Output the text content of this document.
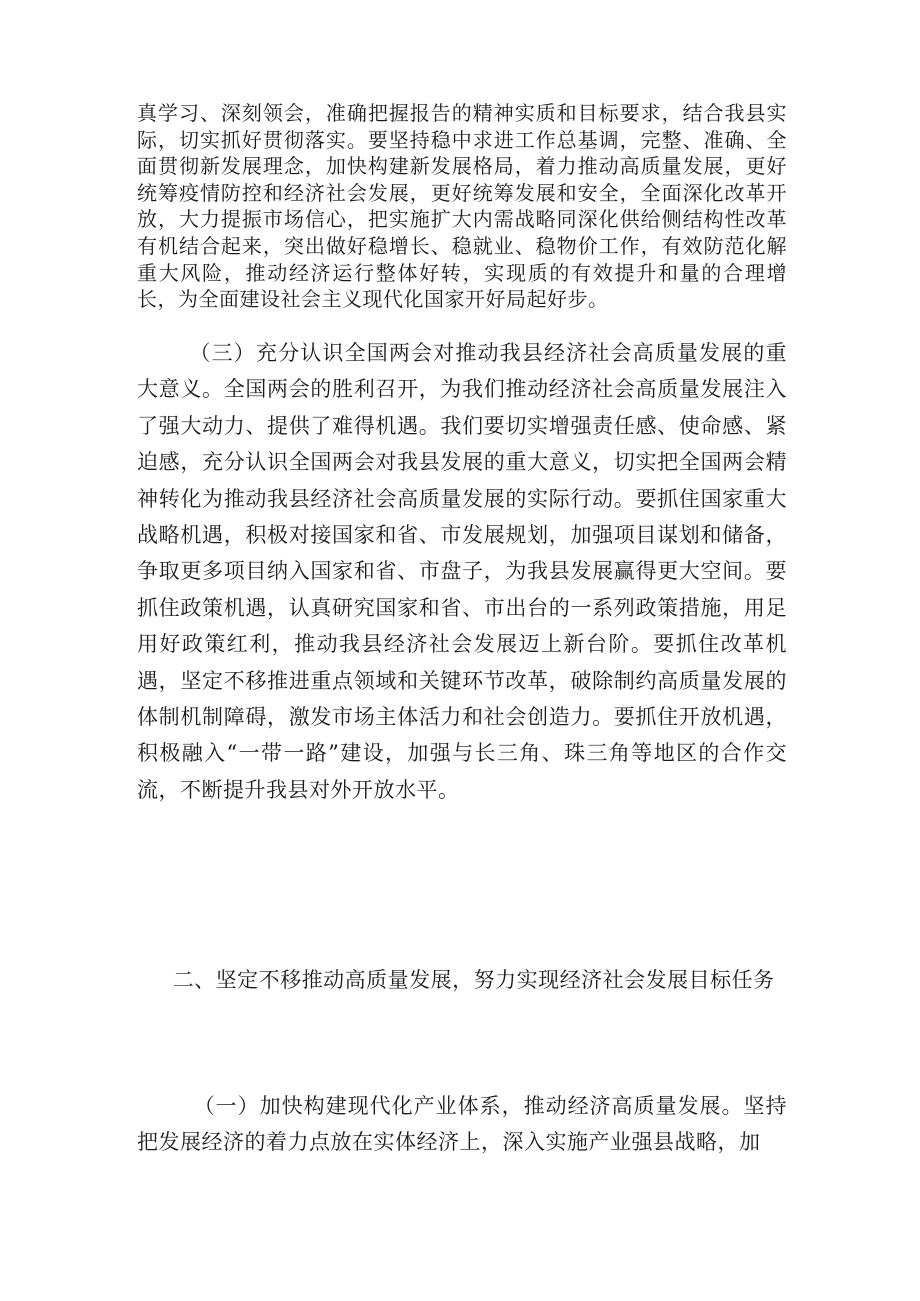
真学习、深刻领会，准确把握报告的精神实质和目标要求，结合我县实际，切实抓好贯彻落实。要坚持稳中求进工作总基调，完整、准确、全面贯彻新发展理念，加快构建新发展格局，着力推动高质量发展，更好统筹疫情防控和经济社会发展，更好统筹发展和安全，全面深化改革开放，大力提振市场信心，把实施扩大内需战略同深化供给侧结构性改革有机结合起来，突出做好稳增长、稳就业、稳物价工作，有效防范化解重大风险，推动经济运行整体好转，实现质的有效提升和量的合理增长，为全面建设社会主义现代化国家开好局起好步。

（三）充分认识全国两会对推动我县经济社会高质量发展的重大意义。全国两会的胜利召开，为我们推动经济社会高质量发展注入了强大动力、提供了难得机遇。我们要切实增强责任感、使命感、紧迫感，充分认识全国两会对我县发展的重大意义，切实把全国两会精神转化为推动我县经济社会高质量发展的实际行动。要抓住国家重大战略机遇，积极对接国家和省、市发展规划，加强项目谋划和储备，争取更多项目纳入国家和省、市盘子，为我县发展赢得更大空间。要抓住政策机遇，认真研究国家和省、市出台的一系列政策措施，用足用好政策红利，推动我县经济社会发展迈上新台阶。要抓住改革机遇，坚定不移推进重点领域和关键环节改革，破除制约高质量发展的体制机制障碍，激发市场主体活力和社会创造力。要抓住开放机遇，积极融入“一带一路”建设，加强与长三角、珠三角等地区的合作交流，不断提升我县对外开放水平。

二、坚定不移推动高质量发展，努力实现经济社会发展目标任务

（一）加快构建现代化产业体系，推动经济高质量发展。坚持把发展经济的着力点放在实体经济上，深入实施产业强县战略，加
